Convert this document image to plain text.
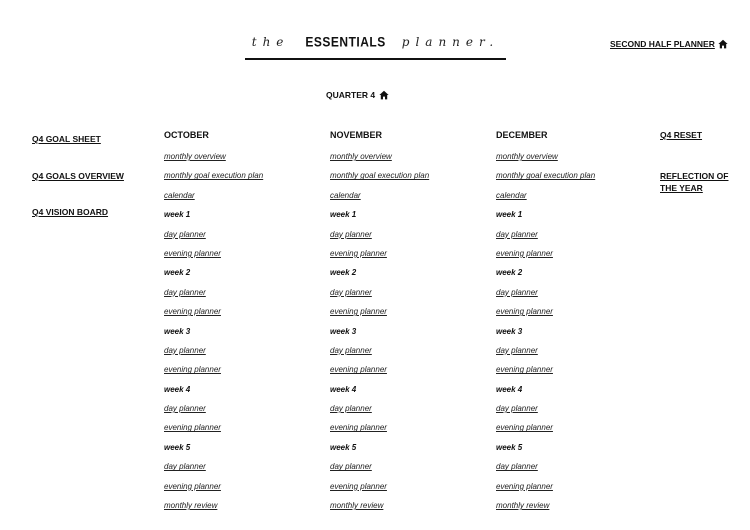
the ESSENTIALS planner.	SECOND HALF PLANNER
QUARTER 4
Q4 GOAL SHEET
Q4 GOALS OVERVIEW
Q4 VISION BOARD
Q4 RESET
REFLECTION OF THE YEAR
OCTOBER
monthly overview
monthly goal execution plan
calendar
week 1
day planner
evening planner
week 2
day planner
evening planner
week 3
day planner
evening planner
week 4
day planner
evening planner
week 5
day planner
evening planner
monthly review
NOVEMBER
monthly overview
monthly goal execution plan
calendar
week 1
day planner
evening planner
week 2
day planner
evening planner
week 3
day planner
evening planner
week 4
day planner
evening planner
week 5
day planner
evening planner
monthly review
DECEMBER
monthly overview
monthly goal execution plan
calendar
week 1
day planner
evening planner
week 2
day planner
evening planner
week 3
day planner
evening planner
week 4
day planner
evening planner
week 5
day planner
evening planner
monthly review
